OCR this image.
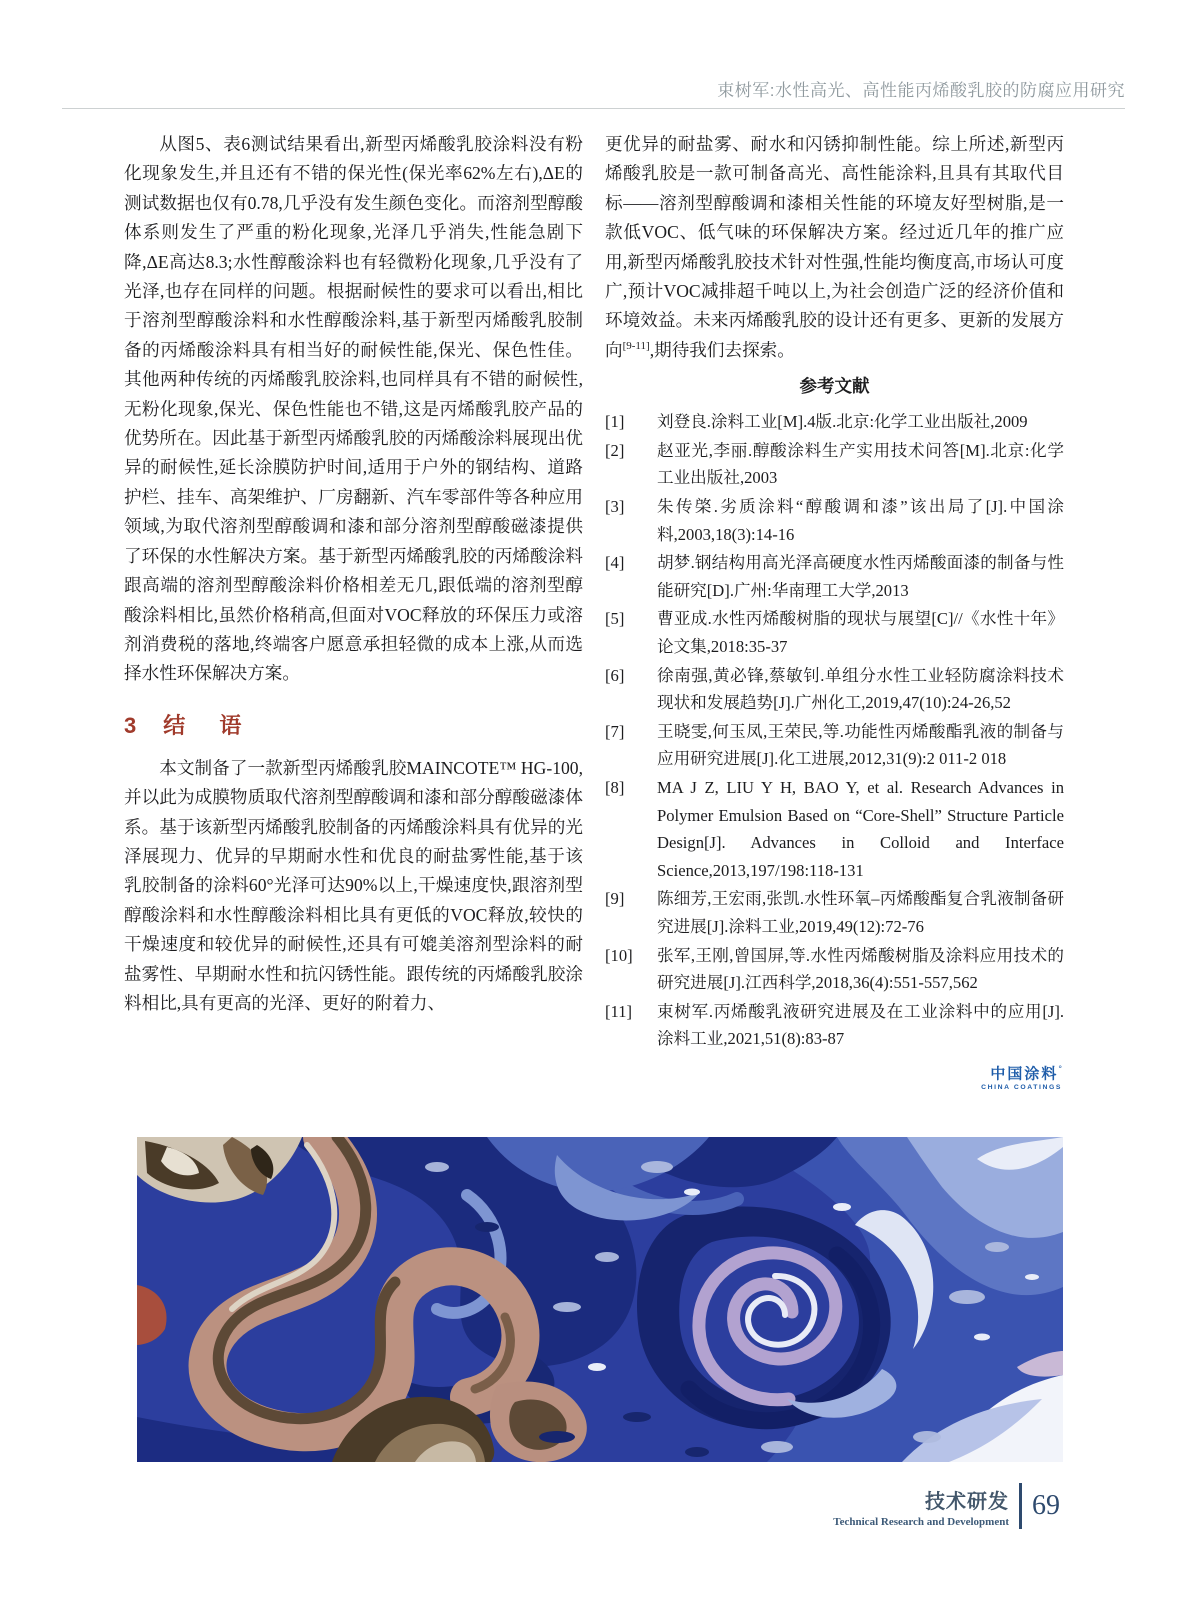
束树军:水性高光、高性能丙烯酸乳胶的防腐应用研究

从图5、表6测试结果看出,新型丙烯酸乳胶涂料没有粉化现象发生,并且还有不错的保光性(保光率62%左右),ΔE的测试数据也仅有0.78,几乎没有发生颜色变化。而溶剂型醇酸体系则发生了严重的粉化现象,光泽几乎消失,性能急剧下降,ΔE高达8.3;水性醇酸涂料也有轻微粉化现象,几乎没有了光泽,也存在同样的问题。根据耐候性的要求可以看出,相比于溶剂型醇酸涂料和水性醇酸涂料,基于新型丙烯酸乳胶制备的丙烯酸涂料具有相当好的耐候性能,保光、保色性佳。其他两种传统的丙烯酸乳胶涂料,也同样具有不错的耐候性,无粉化现象,保光、保色性能也不错,这是丙烯酸乳胶产品的优势所在。因此基于新型丙烯酸乳胶的丙烯酸涂料展现出优异的耐候性,延长涂膜防护时间,适用于户外的钢结构、道路护栏、挂车、高架维护、厂房翻新、汽车零部件等各种应用领域,为取代溶剂型醇酸调和漆和部分溶剂型醇酸磁漆提供了环保的水性解决方案。基于新型丙烯酸乳胶的丙烯酸涂料跟高端的溶剂型醇酸涂料价格相差无几,跟低端的溶剂型醇酸涂料相比,虽然价格稍高,但面对VOC释放的环保压力或溶剂消费税的落地,终端客户愿意承担轻微的成本上涨,从而选择水性环保解决方案。

3 结 语

本文制备了一款新型丙烯酸乳胶MAINCOTE™ HG-100,并以此为成膜物质取代溶剂型醇酸调和漆和部分醇酸磁漆体系。基于该新型丙烯酸乳胶制备的丙烯酸涂料具有优异的光泽展现力、优异的早期耐水性和优良的耐盐雾性能,基于该乳胶制备的涂料60°光泽可达90%以上,干燥速度快,跟溶剂型醇酸涂料和水性醇酸涂料相比具有更低的VOC释放,较快的干燥速度和较优异的耐候性,还具有可媲美溶剂型涂料的耐盐雾性、早期耐水性和抗闪锈性能。跟传统的丙烯酸乳胶涂料相比,具有更高的光泽、更好的附着力、

更优异的耐盐雾、耐水和闪锈抑制性能。综上所述,新型丙烯酸乳胶是一款可制备高光、高性能涂料,且具有其取代目标——溶剂型醇酸调和漆相关性能的环境友好型树脂,是一款低VOC、低气味的环保解决方案。经过近几年的推广应用,新型丙烯酸乳胶技术针对性强,性能均衡度高,市场认可度广,预计VOC减排超千吨以上,为社会创造广泛的经济价值和环境效益。未来丙烯酸乳胶的设计还有更多、更新的发展方向[9-11],期待我们去探索。

参考文献
[1]	刘登良.涂料工业[M].4版.北京:化学工业出版社,2009
[2]	赵亚光,李丽.醇酸涂料生产实用技术问答[M].北京:化学工业出版社,2003
[3]	朱传棨.劣质涂料“醇酸调和漆”该出局了[J].中国涂料,2003,18(3):14-16
[4]	胡梦.钢结构用高光泽高硬度水性丙烯酸面漆的制备与性能研究[D].广州:华南理工大学,2013
[5]	曹亚成.水性丙烯酸树脂的现状与展望[C]//《水性十年》论文集,2018:35-37
[6]	徐南强,黄必锋,蔡敏钊.单组分水性工业轻防腐涂料技术现状和发展趋势[J].广州化工,2019,47(10):24-26,52
[7]	王晓雯,何玉凤,王荣民,等.功能性丙烯酸酯乳液的制备与应用研究进展[J].化工进展,2012,31(9):2 011-2 018
[8]	MA J Z, LIU Y H, BAO Y, et al. Research Advances in Polymer Emulsion Based on “Core-Shell” Structure Particle Design[J]. Advances in Colloid and Interface Science,2013,197/198:118-131
[9]	陈细芳,王宏雨,张凯.水性环氧–丙烯酸酯复合乳液制备研究进展[J].涂料工业,2019,49(12):72-76
[10]	张军,王刚,曾国屏,等.水性丙烯酸树脂及涂料应用技术的研究进展[J].江西科学,2018,36(4):551-557,562
[11]	束树军.丙烯酸乳液研究进展及在工业涂料中的应用[J].涂料工业,2021,51(8):83-87
中国涂料°
CHINA COATINGS
技术研发
Technical Research and Development
69
